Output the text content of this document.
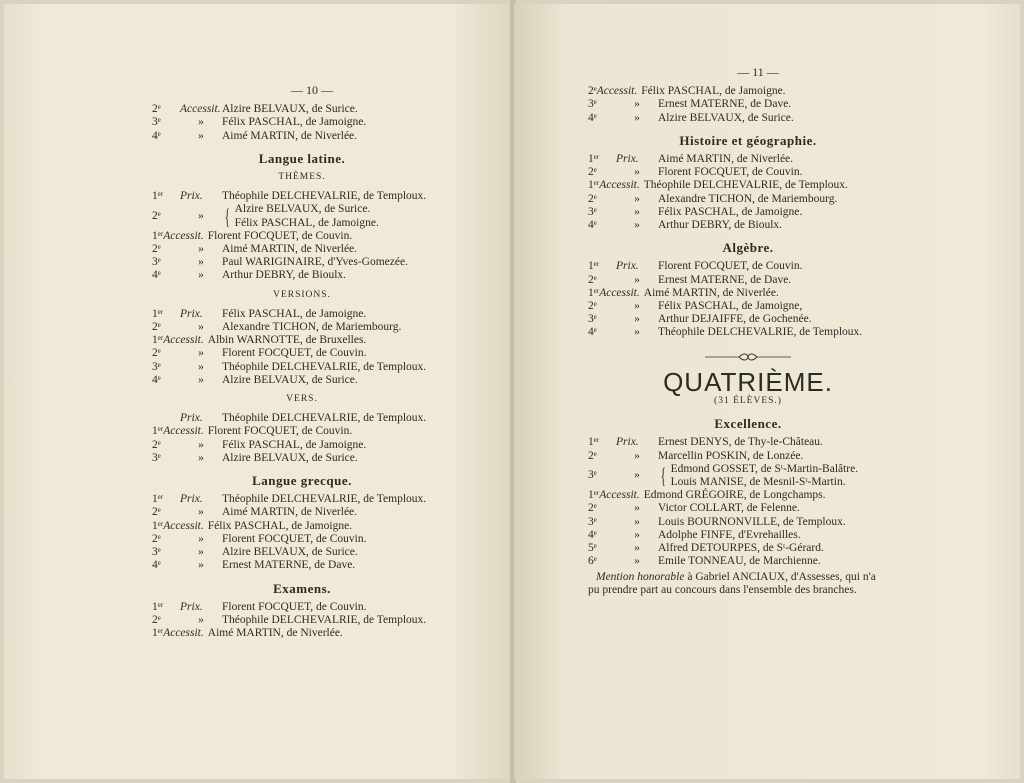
— 10 —
2ᵉ	Accessit. Alzire BELVAUX, de Surice.
3ᵉ	»	Félix PASCHAL, de Jamoigne.
4ᵉ	»	Aimé MARTIN, de Niverlée.
Langue latine.
THÈMES.
1ᵉʳ	Prix.	Théophile DELCHEVALRIE, de Temploux.
2ᵉ	» { Alzire BELVAUX, de Surice.
Félix PASCHAL, de Jamoigne.
1ᵉʳ Accessit. Florent FOCQUET, de Couvin.
2ᵉ	»	Aimé MARTIN, de Niverlée.
3ᵉ	»	Paul WARIGINAIRE, d'Yves-Gomezée.
4ᵉ	»	Arthur DEBRY, de Bioulx.
VERSIONS.
1ᵉʳ	Prix.	Félix PASCHAL, de Jamoigne.
2ᵉ	»	Alexandre TICHON, de Mariembourg.
1ᵉʳ Accessit. Albin WARNOTTE, de Bruxelles.
2ᵉ	»	Florent FOCQUET, de Couvin.
3ᵉ	»	Théophile DELCHEVALRIE, de Temploux.
4ᵉ	»	Alzire BELVAUX, de Surice.
VERS.
Prix.	Théophile DELCHEVALRIE, de Temploux.
1ᵉʳ Accessit. Florent FOCQUET, de Couvin.
2ᵉ	»	Félix PASCHAL, de Jamoigne.
3ᵉ	»	Alzire BELVAUX, de Surice.
Langue grecque.
1ᵉʳ	Prix.	Théophile DELCHEVALRIE, de Temploux.
2ᵉ	»	Aimé MARTIN, de Niverlée.
1ᵉʳ Accessit. Félix PASCHAL, de Jamoigne.
2ᵉ	»	Florent FOCQUET, de Couvin.
3ᵉ	»	Alzire BELVAUX, de Surice.
4ᵉ	»	Ernest MATERNE, de Dave.
Examens.
1ᵉʳ	Prix.	Florent FOCQUET, de Couvin.
2ᵉ	»	Théophile DELCHEVALRIE, de Temploux.
1ᵉʳ Accessit. Aimé MARTIN, de Niverlée.
— 11 —
2ᵉ Accessit. Félix PASCHAL, de Jamoigne.
3ᵉ	»	Ernest MATERNE, de Dave.
4ᵉ	»	Alzire BELVAUX, de Surice.
Histoire et géographie.
1ᵉʳ	Prix.	Aimé MARTIN, de Niverlée.
2ᵉ	»	Florent FOCQUET, de Couvin.
1ᵉʳ Accessit. Théophile DELCHEVALRIE, de Temploux.
2ᵉ	»	Alexandre TICHON, de Mariembourg.
3ᵉ	»	Félix PASCHAL, de Jamoigne.
4ᵉ	»	Arthur DEBRY, de Bioulx.
Algèbre.
1ᵉʳ	Prix.	Florent FOCQUET, de Couvin.
2ᵉ	»	Ernest MATERNE, de Dave.
1ᵉʳ Accessit. Aimé MARTIN, de Niverlée.
2ᵉ	»	Félix PASCHAL, de Jamoigne,
3ᵉ	»	Arthur DEJAIFFE, de Gochenée.
4ᵉ	»	Théophile DELCHEVALRIE, de Temploux.
QUATRIÈME.
(31 ÉLÈVES.)
Excellence.
1ᵉʳ	Prix.	Ernest DENYS, de Thy-le-Château.
2ᵉ	»	Marcellin POSKIN, de Lonzée.
3ᵉ	» { Edmond GOSSET, de Sᵗ-Martin-Balâtre.
Louis MANISE, de Mesnil-Sᵗ-Martin.
1ᵉʳ Accessit. Edmond GRÉGOIRE, de Longchamps.
2ᵉ	»	Victor COLLART, de Felenne.
3ᵉ	»	Louis BOURNONVILLE, de Temploux.
4ᵉ	»	Adolphe FINFE, d'Evrehailles.
5ᵉ	»	Alfred DETOURPES, de Sᵗ-Gérard.
6ᵉ	»	Emile TONNEAU, de Marchienne.
Mention honorable à Gabriel ANCIAUX, d'Assesses, qui n'a pu prendre part au concours dans l'ensemble des branches.
